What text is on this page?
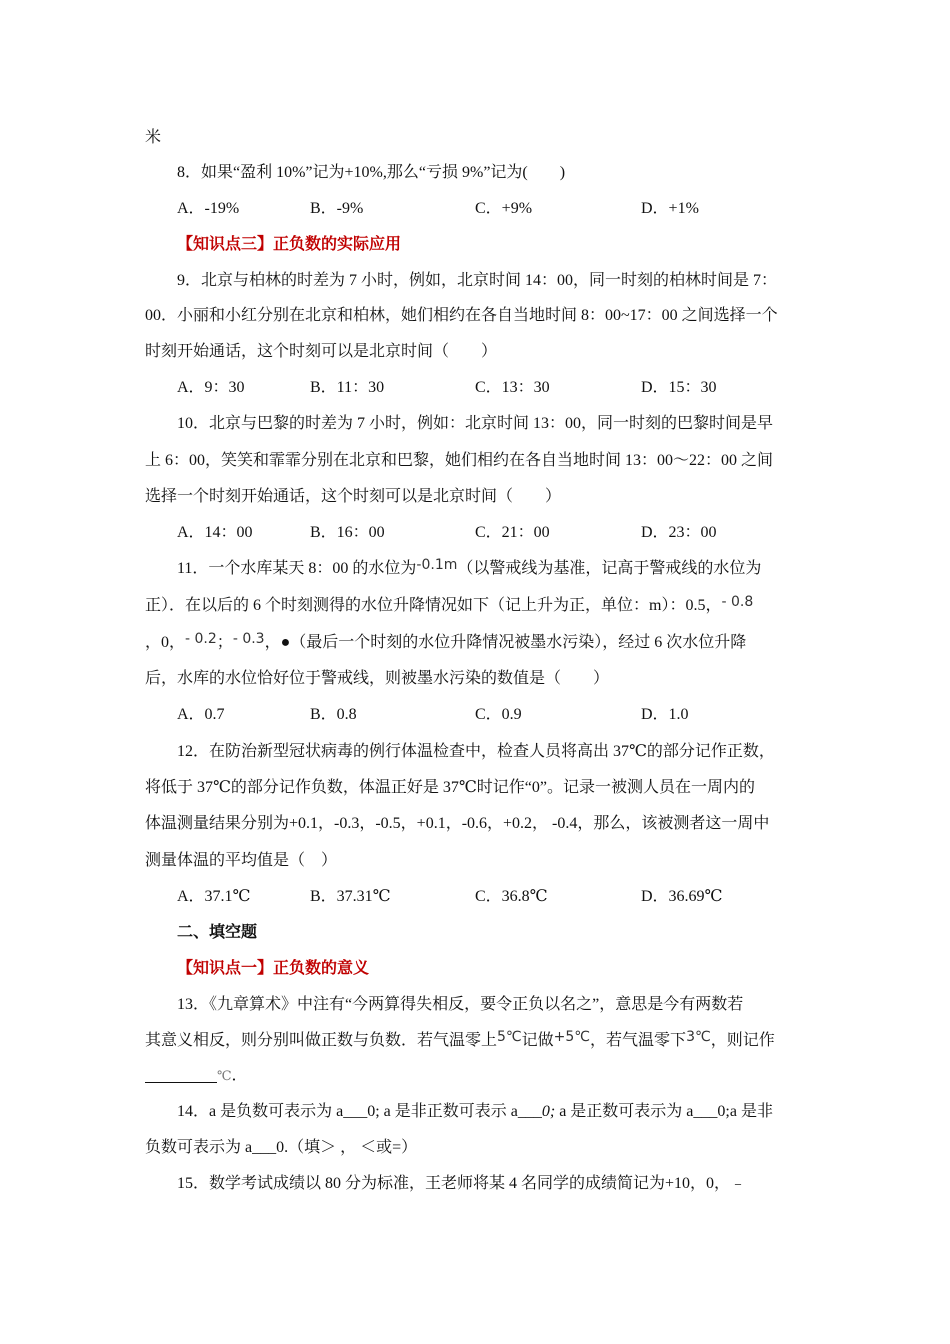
米
8．如果“盈利 10%”记为+10%,那么“亏损 9%”记为(　　)
A．-19%	B．-9%	C．+9%	D．+1%
【知识点三】正负数的实际应用
9．北京与柏林的时差为 7 小时，例如，北京时间 14：00，同一时刻的柏林时间是 7：
00．小丽和小红分别在北京和柏林，她们相约在各自当地时间 8：00~17：00 之间选择一个
时刻开始通话，这个时刻可以是北京时间（　　）
A．9：30	B．11：30	C．13：30	D．15：30
10．北京与巴黎的时差为 7 小时，例如：北京时间 13：00，同一时刻的巴黎时间是早
上 6：00，笑笑和霏霏分别在北京和巴黎，她们相约在各自当地时间 13：00～22：00 之间
选择一个时刻开始通话，这个时刻可以是北京时间（　　）
A．14：00	B．16：00	C．21：00	D．23：00
11．一个水库某天 8：00 的水位为-0.1m（以警戒线为基准，记高于警戒线的水位为
正）．在以后的 6 个时刻测得的水位升降情况如下（记上升为正，单位：m）：0.5，- 0.8
，0，- 0.2；- 0.3，●（最后一个时刻的水位升降情况被墨水污染），经过 6 次水位升降
后，水库的水位恰好位于警戒线，则被墨水污染的数值是（　　）
A．0.7	B．0.8	C．0.9	D．1.0
12．在防治新型冠状病毒的例行体温检查中，检查人员将高出 37℃的部分记作正数，
将低于 37℃的部分记作负数，体温正好是 37℃时记作“0”。记录一被测人员在一周内的
体温测量结果分别为+0.1，-0.3，-0.5，+0.1，-0.6，+0.2， -0.4，那么，该被测者这一周中
测量体温的平均值是（　）
A．37.1℃	B．37.31℃	C．36.8℃	D．36.69℃
二、填空题
【知识点一】正负数的意义
13．《九章算术》中注有“今两算得失相反，要令正负以名之”，意思是今有两数若
其意义相反，则分别叫做正数与负数．若气温零上5℃记做+5℃，若气温零下3℃，则记作
℃．
14．a 是负数可表示为 a___0; a 是非正数可表示 a___0; a 是正数可表示为 a___0;a 是非
负数可表示为 a___0.（填＞ ， ＜或=）
15．数学考试成绩以 80 分为标准，王老师将某 4 名同学的成绩简记为+10，0，﹣
